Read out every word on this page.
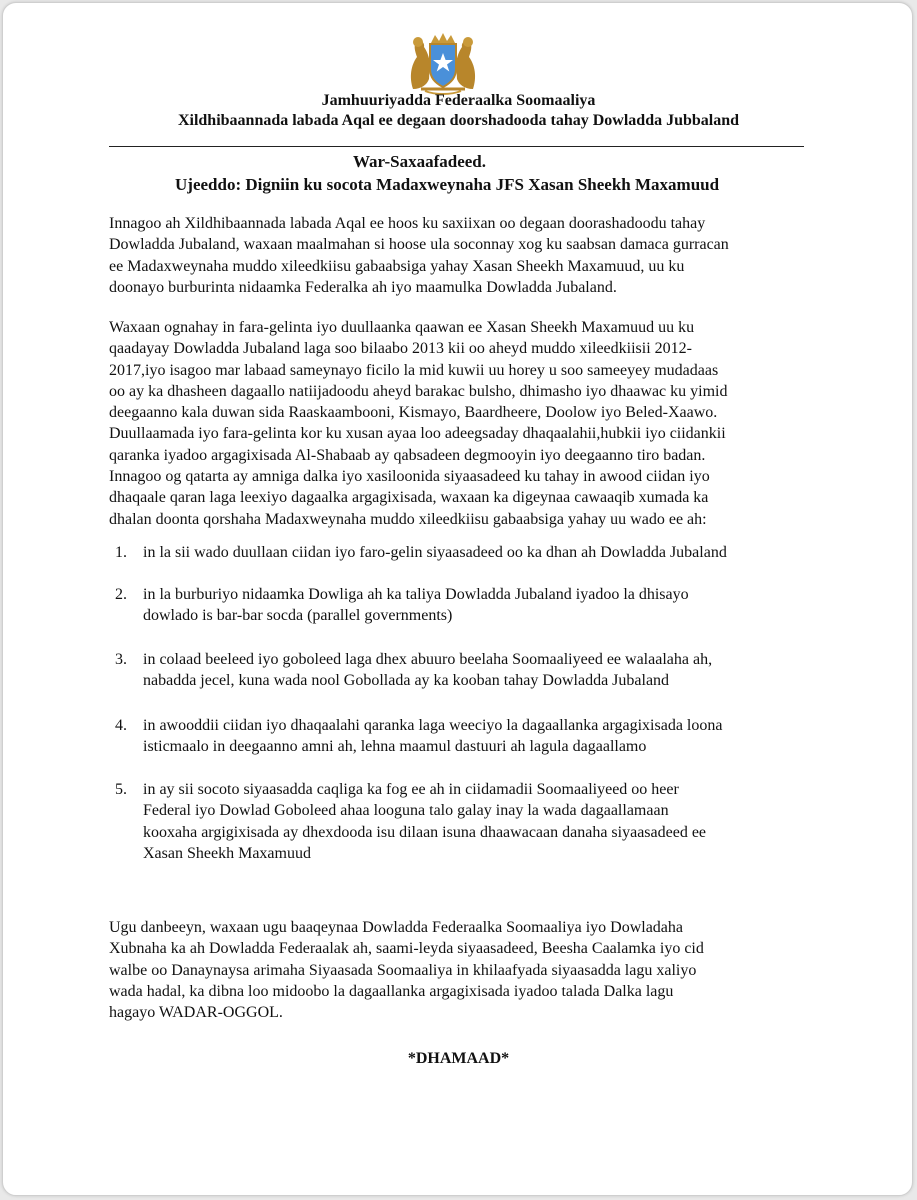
Jamhuuriyadda Federaalka Soomaaliya
Xildhibaannada labada Aqal ee degaan doorshadooda tahay Dowladda Jubbaland
War-Saxaafadeed.
Ujeeddo: Digniin ku socota Madaxweynaha JFS Xasan Sheekh Maxamuud
Innagoo ah Xildhibaannada labada Aqal ee hoos ku saxiixan oo degaan doorashadoodu tahay
Dowladda Jubaland, waxaan maalmahan si hoose ula soconnay xog ku saabsan damaca gurracan
ee Madaxweynaha muddo xileedkiisu gabaabsiga yahay Xasan Sheekh Maxamuud, uu ku
doonayo burburinta nidaamka Federalka ah iyo maamulka Dowladda Jubaland.
Waxaan ognahay in fara-gelinta iyo duullaanka qaawan ee Xasan Sheekh Maxamuud uu ku
qaadayay Dowladda Jubaland laga soo bilaabo 2013 kii oo aheyd muddo xileedkiisii 2012-
2017,iyo isagoo mar labaad sameynayo ficilo la mid kuwii uu horey u soo sameeyey mudadaas
oo ay ka dhasheen dagaallo natiijadoodu aheyd barakac bulsho, dhimasho iyo dhaawac ku yimid
deegaanno kala duwan sida Raaskaambooni, Kismayo, Baardheere, Doolow iyo Beled-Xaawo.
Duullaamada iyo fara-gelinta kor ku xusan ayaa loo adeegsaday dhaqaalahii,hubkii iyo ciidankii
qaranka iyadoo argagixisada Al-Shabaab ay qabsadeen degmooyin iyo deegaanno tiro badan.
Innagoo og qatarta ay amniga dalka iyo xasiloonida siyaasadeed ku tahay in awood ciidan iyo
dhaqaale qaran laga leexiyo dagaalka argagixisada, waxaan ka digeynaa cawaaqib xumada ka
dhalan doonta qorshaha Madaxweynaha muddo xileedkiisu gabaabsiga yahay uu wado ee ah:
1. in la sii wado duullaan ciidan iyo faro-gelin siyaasadeed oo ka dhan ah Dowladda Jubaland
2. in la burburiyo nidaamka Dowliga ah ka taliya Dowladda Jubaland iyadoo la dhisayo
dowlado is bar-bar socda (parallel governments)
3. in colaad beeleed iyo goboleed laga dhex abuuro beelaha Soomaaliyeed ee walaalaha ah,
nabadda jecel, kuna wada nool Gobollada ay ka kooban tahay Dowladda Jubaland
4. in awooddii ciidan iyo dhaqaalahi qaranka laga weeciyo la dagaallanka argagixisada loona
isticmaalo in deegaanno amni ah, lehna maamul dastuuri ah lagula dagaallamo
5. in ay sii socoto siyaasadda caqliga ka fog ee ah in ciidamadii Soomaaliyeed oo heer
Federal iyo Dowlad Goboleed ahaa looguna talo galay inay la wada dagaallamaan
kooxaha argigixisada ay dhexdooda isu dilaan isuna dhaawacaan danaha siyaasadeed ee
Xasan Sheekh Maxamuud
Ugu danbeeyn, waxaan ugu baaqeynaa Dowladda Federaalka Soomaaliya iyo Dowladaha
Xubnaha ka ah Dowladda Federaalak ah, saami-leyda siyaasadeed, Beesha Caalamka iyo cid
walbe oo Danaynaysa arimaha Siyaasada Soomaaliya in khilaafyada siyaasadda lagu xaliyo
wada hadal, ka dibna loo midoobo la dagaallanka argagixisada iyadoo talada Dalka lagu
hagayo WADAR-OGGOL.
*DHAMAAD*
